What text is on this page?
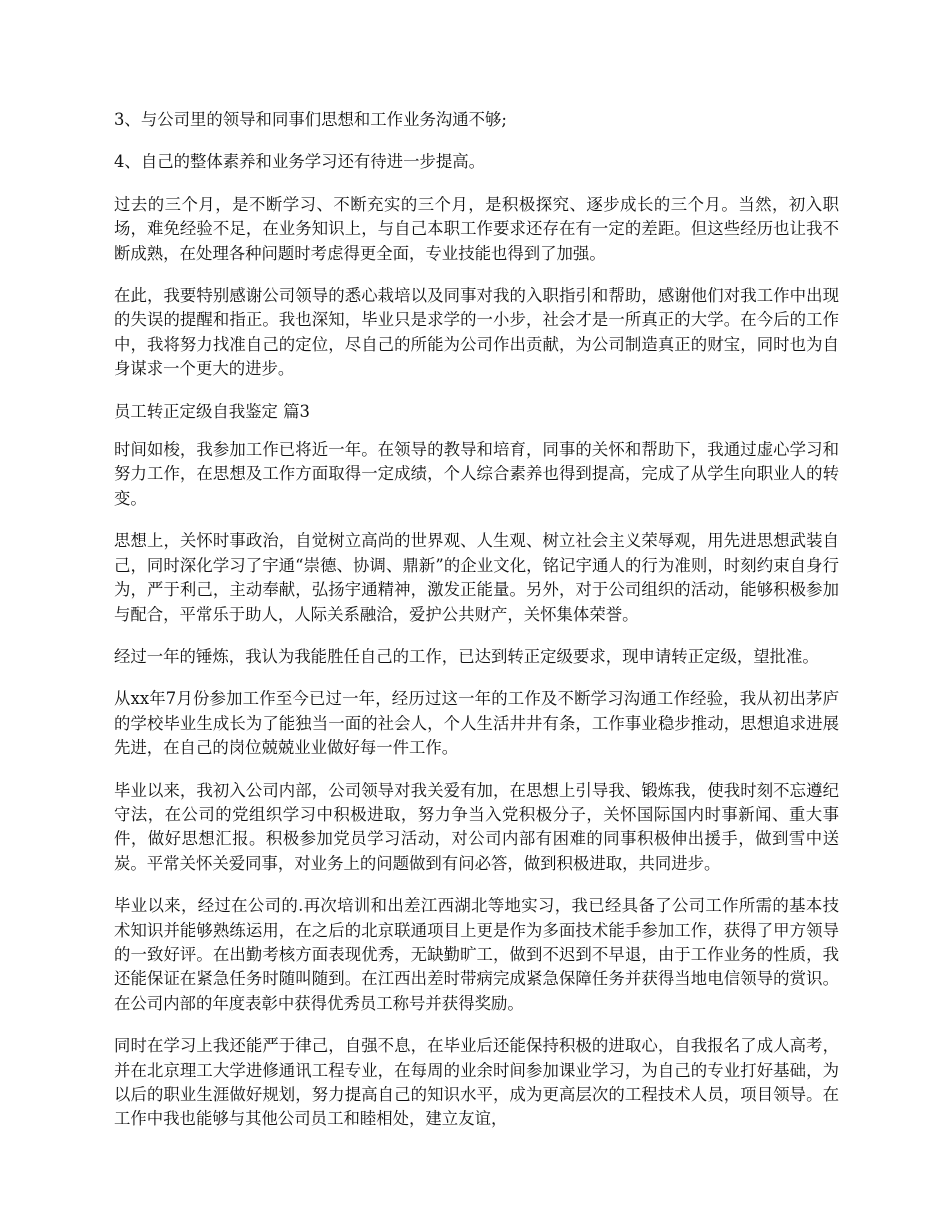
3、与公司里的领导和同事们思想和工作业务沟通不够;

4、自己的整体素养和业务学习还有待进一步提高。

过去的三个月，是不断学习、不断充实的三个月，是积极探究、逐步成长的三个月。当然，初入职场，难免经验不足，在业务知识上，与自己本职工作要求还存在有一定的差距。但这些经历也让我不断成熟，在处理各种问题时考虑得更全面，专业技能也得到了加强。

在此，我要特别感谢公司领导的悉心栽培以及同事对我的入职指引和帮助，感谢他们对我工作中出现的失误的提醒和指正。我也深知，毕业只是求学的一小步，社会才是一所真正的大学。在今后的工作中，我将努力找准自己的定位，尽自己的所能为公司作出贡献，为公司制造真正的财宝，同时也为自身谋求一个更大的进步。

员工转正定级自我鉴定 篇3

时间如梭，我参加工作已将近一年。在领导的教导和培育，同事的关怀和帮助下，我通过虚心学习和努力工作，在思想及工作方面取得一定成绩，个人综合素养也得到提高，完成了从学生向职业人的转变。

思想上，关怀时事政治，自觉树立高尚的世界观、人生观、树立社会主义荣辱观，用先进思想武装自己，同时深化学习了宇通“崇德、协调、鼎新”的企业文化，铭记宇通人的行为准则，时刻约束自身行为，严于利己，主动奉献，弘扬宇通精神，激发正能量。另外，对于公司组织的活动，能够积极参加与配合，平常乐于助人，人际关系融洽，爱护公共财产，关怀集体荣誉。

经过一年的锤炼，我认为我能胜任自己的工作，已达到转正定级要求，现申请转正定级，望批准。

从xx年7月份参加工作至今已过一年，经历过这一年的工作及不断学习沟通工作经验，我从初出茅庐的学校毕业生成长为了能独当一面的社会人，个人生活井井有条，工作事业稳步推动，思想追求进展先进，在自己的岗位兢兢业业做好每一件工作。

毕业以来，我初入公司内部，公司领导对我关爱有加，在思想上引导我、锻炼我，使我时刻不忘遵纪守法，在公司的党组织学习中积极进取，努力争当入党积极分子，关怀国际国内时事新闻、重大事件，做好思想汇报。积极参加党员学习活动，对公司内部有困难的同事积极伸出援手，做到雪中送炭。平常关怀关爱同事，对业务上的问题做到有问必答，做到积极进取，共同进步。

毕业以来，经过在公司的.再次培训和出差江西湖北等地实习，我已经具备了公司工作所需的基本技术知识并能够熟练运用，在之后的北京联通项目上更是作为多面技术能手参加工作，获得了甲方领导的一致好评。在出勤考核方面表现优秀，无缺勤旷工，做到不迟到不早退，由于工作业务的性质，我还能保证在紧急任务时随叫随到。在江西出差时带病完成紧急保障任务并获得当地电信领导的赏识。在公司内部的年度表彰中获得优秀员工称号并获得奖励。

同时在学习上我还能严于律己，自强不息，在毕业后还能保持积极的进取心，自我报名了成人高考，并在北京理工大学进修通讯工程专业，在每周的业余时间参加课业学习，为自己的专业打好基础，为以后的职业生涯做好规划，努力提高自己的知识水平，成为更高层次的工程技术人员，项目领导。在工作中我也能够与其他公司员工和睦相处，建立友谊，
